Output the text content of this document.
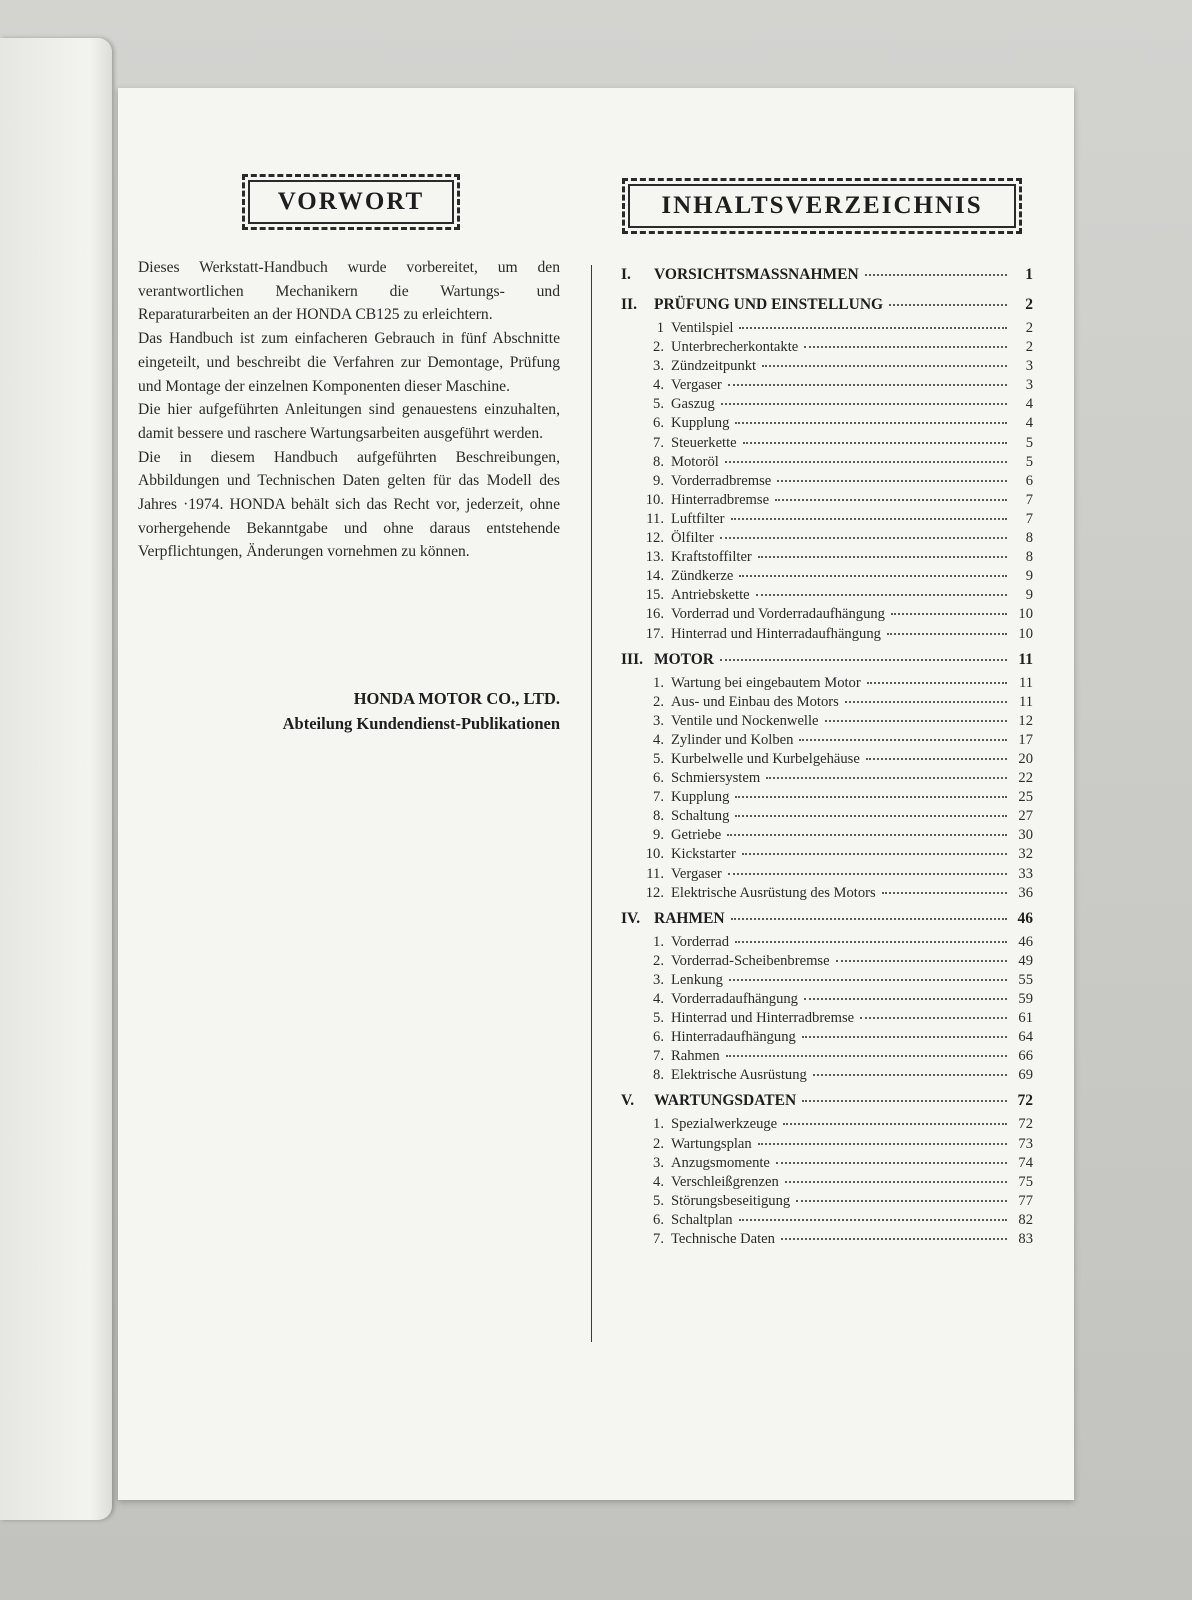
VORWORT	INHALTSVERZEICHNIS

Dieses Werkstatt-Handbuch wurde vorbereitet, um den verantwortlichen Mechanikern die Wartungs- und Reparaturarbeiten an der HONDA CB125 zu erleichtern.

Das Handbuch ist zum einfacheren Gebrauch in fünf Abschnitte eingeteilt, und beschreibt die Verfahren zur Demontage, Prüfung und Montage der einzelnen Komponenten dieser Maschine.

Die hier aufgeführten Anleitungen sind genauestens einzuhalten, damit bessere und raschere Wartungsarbeiten ausgeführt werden.

Die in diesem Handbuch aufgeführten Beschreibungen, Abbildungen und Technischen Daten gelten für das Modell des Jahres ·1974. HONDA behält sich das Recht vor, jederzeit, ohne vorhergehende Bekanntgabe und ohne daraus entstehende Verpflichtungen, Änderungen vornehmen zu können.

HONDA MOTOR CO., LTD.
Abteilung Kundendienst-Publikationen
I.	VORSICHTSMASSNAHMEN	1
II.	PRÜFUNG UND EINSTELLUNG	2
1 Ventilspiel	2
2. Unterbrecherkontakte	2
3. Zündzeitpunkt	3
4. Vergaser	3
5. Gaszug	4
6. Kupplung	4
7. Steuerkette	5
8. Motoröl	5
9. Vorderradbremse	6
10. Hinterradbremse	7
11. Luftfilter	7
12. Ölfilter	8
13. Kraftstoffilter	8
14. Zündkerze	9
15. Antriebskette	9
16. Vorderrad und Vorderradaufhängung	10
17. Hinterrad und Hinterradaufhängung	10
III. MOTOR	11
1. Wartung bei eingebautem Motor	11
2. Aus- und Einbau des Motors	11
3. Ventile und Nockenwelle	12
4. Zylinder und Kolben	17
5. Kurbelwelle und Kurbelgehäuse	20
6. Schmiersystem	22
7. Kupplung	25
8. Schaltung	27
9. Getriebe	30
10. Kickstarter	32
11. Vergaser	33
12. Elektrische Ausrüstung des Motors	36
IV. RAHMEN	46
1. Vorderrad	46
2. Vorderrad-Scheibenbremse	49
3. Lenkung	55
4. Vorderradaufhängung	59
5. Hinterrad und Hinterradbremse	61
6. Hinterradaufhängung	64
7. Rahmen	66
8. Elektrische Ausrüstung	69
V.	WARTUNGSDATEN	72
1. Spezialwerkzeuge	72
2. Wartungsplan	73
3. Anzugsmomente	74
4. Verschleißgrenzen	75
5. Störungsbeseitigung	77
6. Schaltplan	82
7. Technische Daten	83
